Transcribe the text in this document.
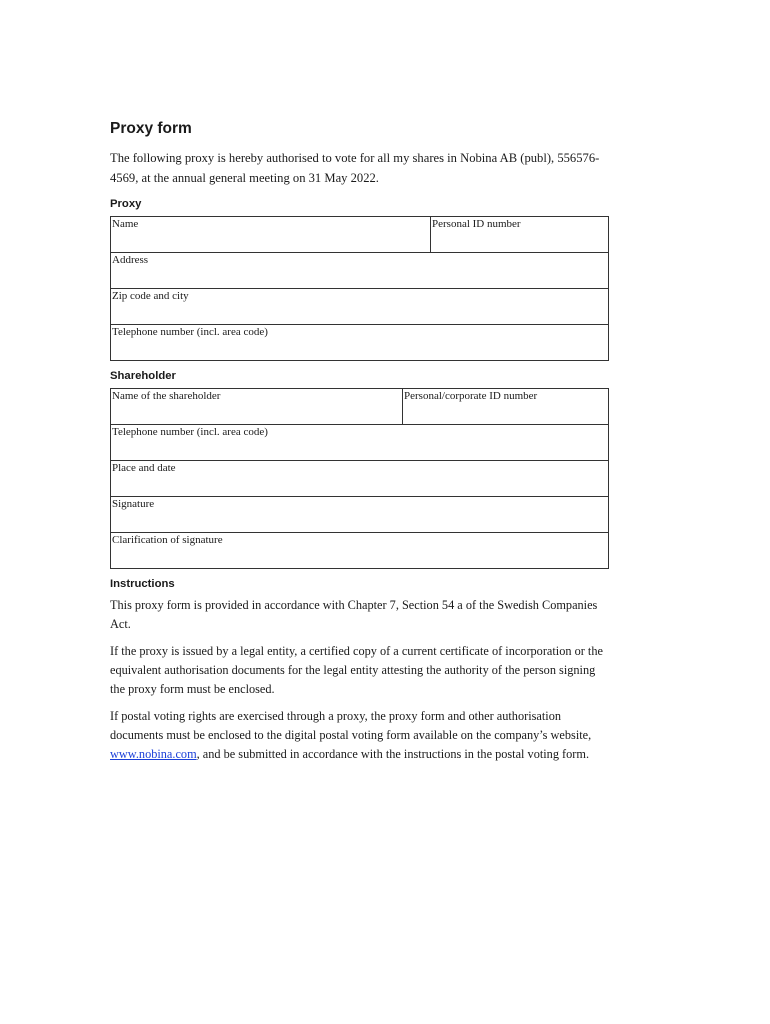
Proxy form

The following proxy is hereby authorised to vote for all my shares in Nobina AB (publ), 556576-4569, at the annual general meeting on 31 May 2022.

Proxy
Name	Personal ID number
Address
Zip code and city
Telephone number (incl. area code)
Shareholder
Name of the shareholder	Personal/corporate ID number
Telephone number (incl. area code)
Place and date
Signature
Clarification of signature
Instructions

This proxy form is provided in accordance with Chapter 7, Section 54 a of the Swedish Companies Act.

If the proxy is issued by a legal entity, a certified copy of a current certificate of incorporation or the equivalent authorisation documents for the legal entity attesting the authority of the person signing the proxy form must be enclosed.

If postal voting rights are exercised through a proxy, the proxy form and other authorisation documents must be enclosed to the digital postal voting form available on the company’s website, www.nobina.com, and be submitted in accordance with the instructions in the postal voting form.
